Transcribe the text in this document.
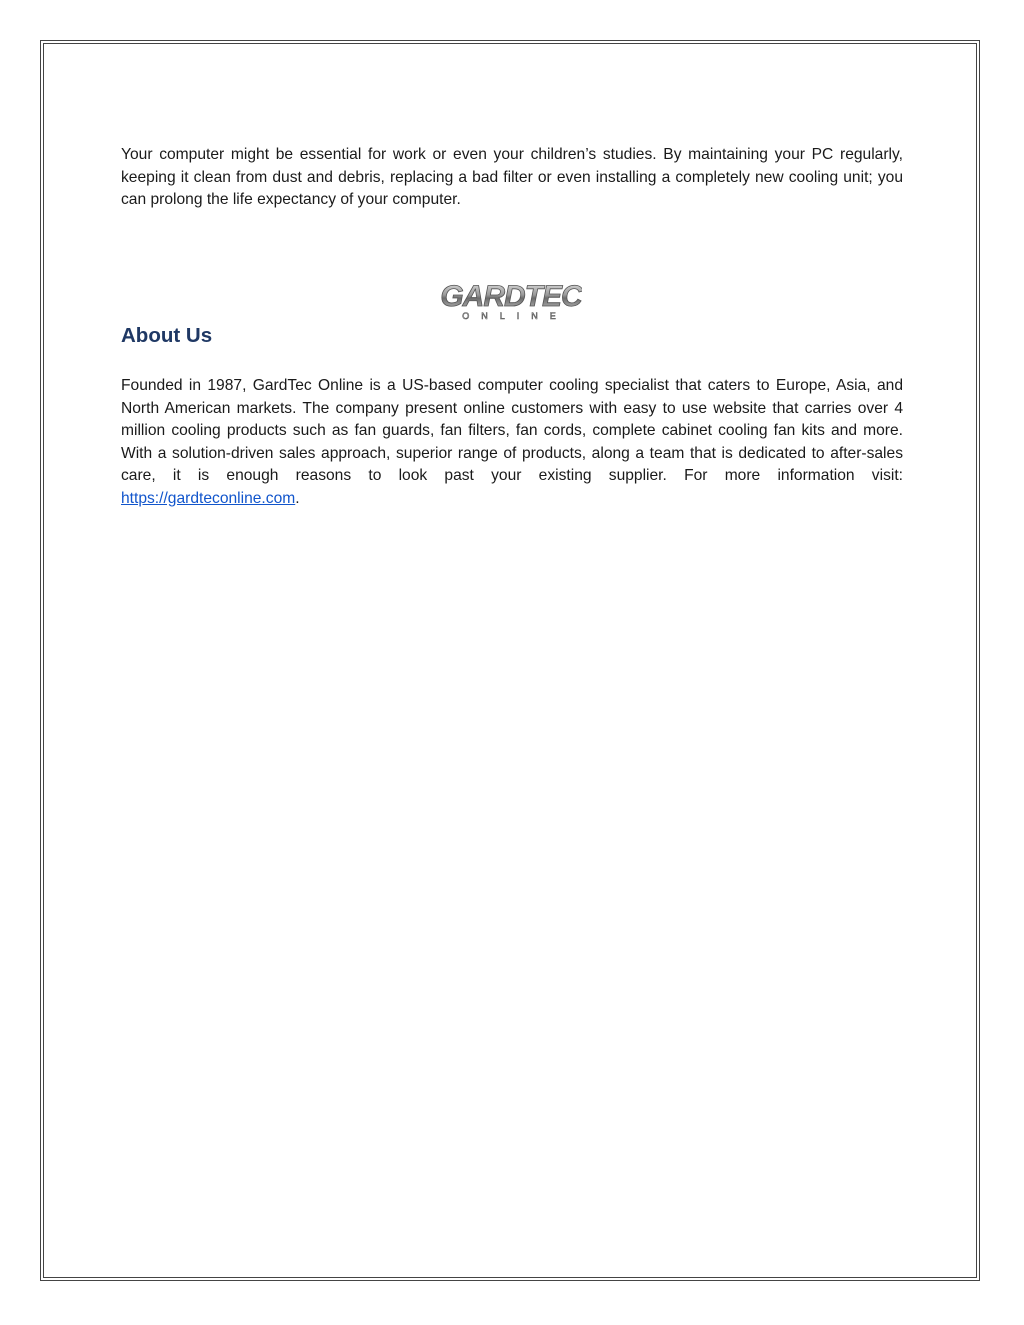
Your computer might be essential for work or even your children’s studies. By maintaining your PC regularly, keeping it clean from dust and debris, replacing a bad filter or even installing a completely new cooling unit; you can prolong the life expectancy of your computer.

GARDTEC
ONLINE
About Us

Founded in 1987, GardTec Online is a US-based computer cooling specialist that caters to Europe, Asia, and North American markets. The company present online customers with easy to use website that carries over 4 million cooling products such as fan guards, fan filters, fan cords, complete cabinet cooling fan kits and more. With a solution-driven sales approach, superior range of products, along a team that is dedicated to after-sales care, it is enough reasons to look past your existing supplier. For more information visit: https://gardteconline.com.
